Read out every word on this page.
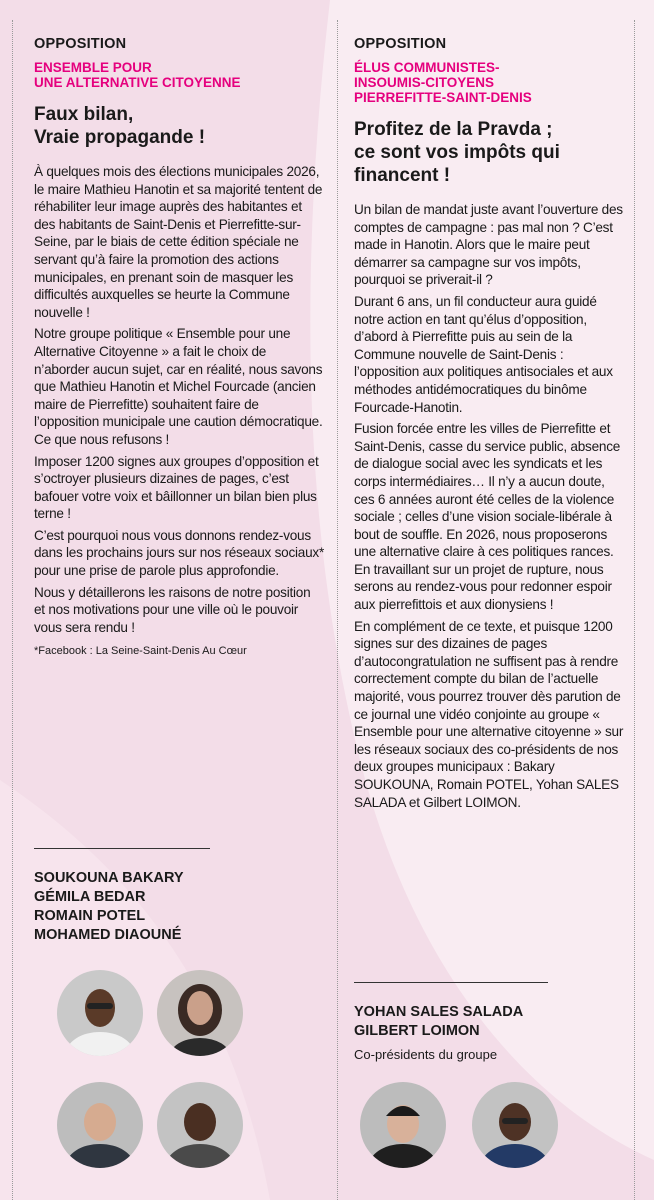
OPPOSITION
ENSEMBLE POUR
UNE ALTERNATIVE CITOYENNE
Faux bilan,
Vraie propagande !

À quelques mois des élections municipales 2026, le maire Mathieu Hanotin et sa majorité tentent de réhabiliter leur image auprès des habitantes et des habitants de Saint-Denis et Pierrefitte-sur-Seine, par le biais de cette édition spéciale ne servant qu’à faire la promotion des actions municipales, en prenant soin de masquer les difficultés auxquelles se heurte la Commune nouvelle !

Notre groupe politique « Ensemble pour une Alternative Citoyenne » a fait le choix de n’aborder aucun sujet, car en réalité, nous savons que Mathieu Hanotin et Michel Fourcade (ancien maire de Pierrefitte) souhaitent faire de l’opposition municipale une caution démocratique. Ce que nous refusons !

Imposer 1200 signes aux groupes d’opposition et s’octroyer plusieurs dizaines de pages, c’est bafouer votre voix et bâillonner un bilan bien plus terne !

C’est pourquoi nous vous donnons rendez-vous dans les prochains jours sur nos réseaux sociaux* pour une prise de parole plus approfondie.

Nous y détaillerons les raisons de notre position et nos motivations pour une ville où le pouvoir vous sera rendu !

*Facebook : La Seine-Saint-Denis Au Cœur

SOUKOUNA BAKARY
GÉMILA BEDAR
ROMAIN POTEL
MOHAMED DIAOUNÉ
OPPOSITION
ÉLUS COMMUNISTES-
INSOUMIS-CITOYENS
PIERREFITTE-SAINT-DENIS
Profitez de la Pravda ;
ce sont vos impôts qui
financent !

Un bilan de mandat juste avant l’ouverture des comptes de campagne : pas mal non ? C’est made in Hanotin. Alors que le maire peut démarrer sa campagne sur vos impôts, pourquoi se priverait-il ?

Durant 6 ans, un fil conducteur aura guidé notre action en tant qu’élus d’opposition, d’abord à Pierrefitte puis au sein de la Commune nouvelle de Saint-Denis : l’opposition aux politiques antisociales et aux méthodes antidémocratiques du binôme Fourcade-Hanotin.

Fusion forcée entre les villes de Pierrefitte et Saint-Denis, casse du service public, absence de dialogue social avec les syndicats et les corps intermédiaires… Il n’y a aucun doute, ces 6 années auront été celles de la violence sociale ; celles d’une vision sociale-libérale à bout de souffle. En 2026, nous proposerons une alternative claire à ces politiques rances. En travaillant sur un projet de rupture, nous serons au rendez-vous pour redonner espoir aux pierrefittois et aux dionysiens !

En complément de ce texte, et puisque 1200 signes sur des dizaines de pages d’autocongratulation ne suffisent pas à rendre correctement compte du bilan de l’actuelle majorité, vous pourrez trouver dès parution de ce journal une vidéo conjointe au groupe « Ensemble pour une alternative citoyenne » sur les réseaux sociaux des co-présidents de nos deux groupes municipaux : Bakary SOUKOUNA, Romain POTEL, Yohan SALES SALADA et Gilbert LOIMON.

YOHAN SALES SALADA
GILBERT LOIMON
Co-présidents du groupe
